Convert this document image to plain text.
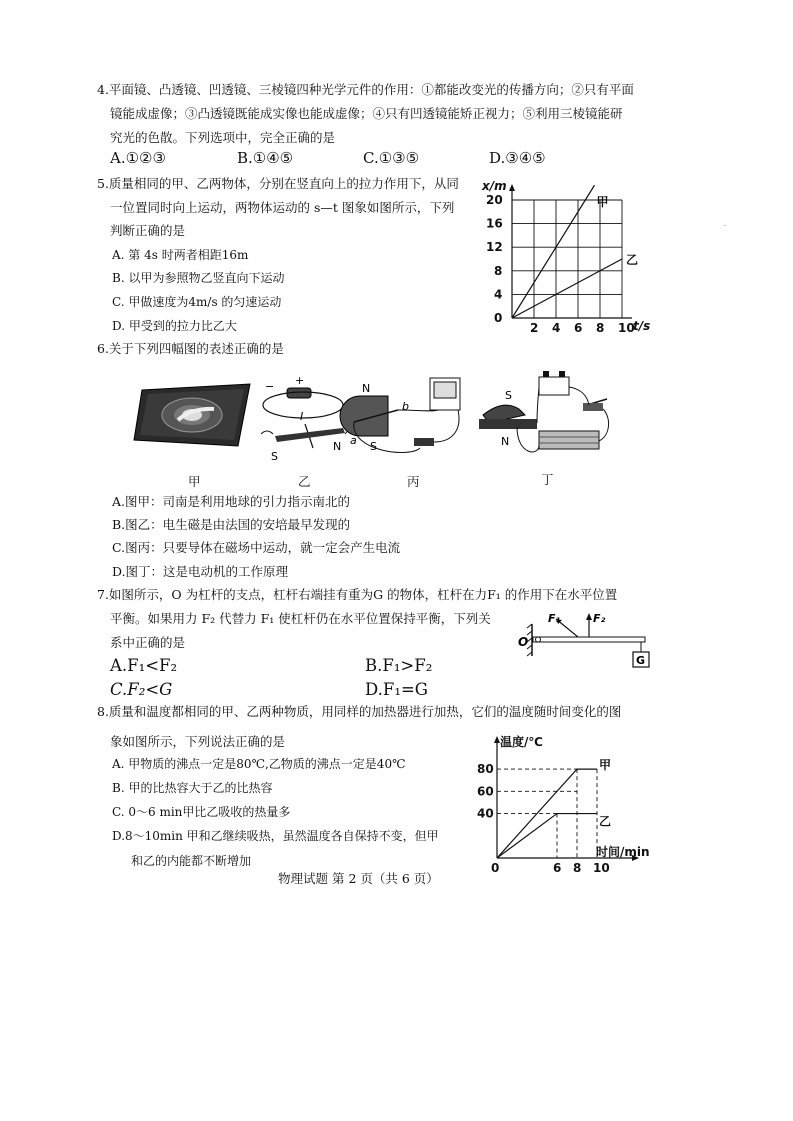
4.平面镜、凸透镜、凹透镜、三棱镜四种光学元件的作用：①都能改变光的传播方向；②只有平面
镜能成虚像；③凸透镜既能成实像也能成虚像；④只有凹透镜能矫正视力；⑤利用三棱镜能研
究光的色散。下列选项中，完全正确的是
A.①②③	B.①④⑤	C.①③⑤	D.③④⑤
5.质量相同的甲、乙两物体，分别在竖直向上的拉力作用下，从同
一位置同时向上运动，两物体运动的 s—t 图象如图所示，下列
判断正确的是
A. 第 4s 时两者相距16m
B. 以甲为参照物乙竖直向下运动
C. 甲做速度为4m/s 的匀速运动
D. 甲受到的拉力比乙大	2 4 6 8 10
0
4
8
12
16
20	甲
乙
x/m
t/s
·
6.关于下列四幅图的表述正确的是
甲
− +
I
S
N
乙
N
S
a
b
丙
S
N
丁
A.图甲：司南是利用地球的引力指示南北的
B.图乙：电生磁是由法国的安培最早发现的
C.图丙：只要导体在磁场中运动，就一定会产生电流
D.图丁：这是电动机的工作原理
7.如图所示，O 为杠杆的支点，杠杆右端挂有重为G 的物体，杠杆在力F₁ 的作用下在水平位置
平衡。如果用力 F₂ 代替力 F₁ 使杠杆仍在水平位置保持平衡，下列关
系中正确的是
A.F₁<F₂	B.F₁>F₂
C.F₂<G	D.F₁=G
O
F₁	F₂
G
8.质量和温度都相同的甲、乙两种物质，用同样的加热器进行加热，它们的温度随时间变化的图
象如图所示，下列说法正确的是
A. 甲物质的沸点一定是80℃,乙物质的沸点一定是40℃
B. 甲的比热容大于乙的比热容
C. 0～6 min甲比乙吸收的热量多
D.8～10min 甲和乙继续吸热，虽然温度各自保持不变，但甲
和乙的内能都不断增加
40
60
80
0	6 8 10
甲
乙
温度/℃
时间/min
物理试题 第 2 页（共 6 页）
